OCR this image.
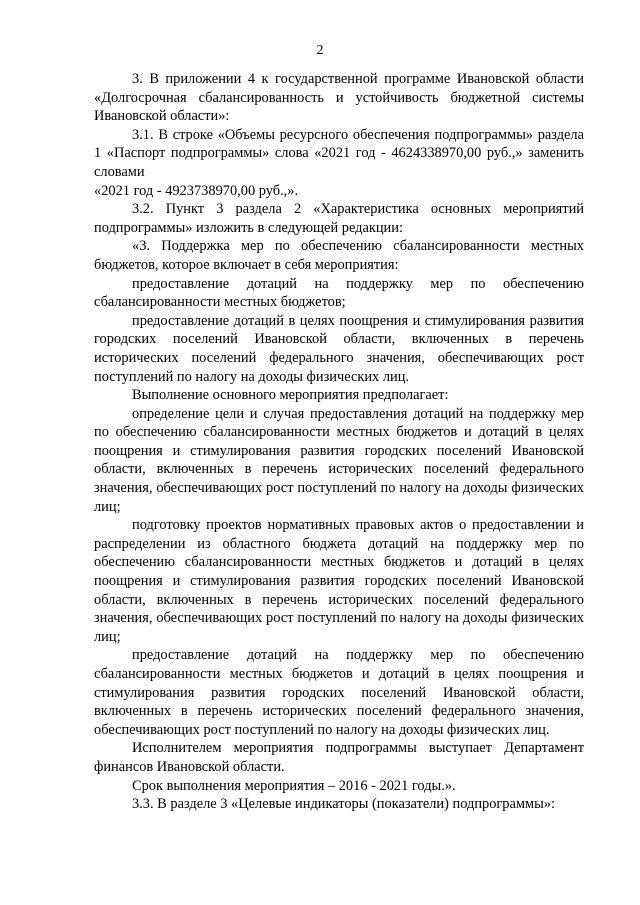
2

3. В приложении 4 к государственной программе Ивановской области «Долгосрочная сбалансированность и устойчивость бюджетной системы Ивановской области»:

3.1. В строке «Объемы ресурсного обеспечения подпрограммы» раздела 1 «Паспорт подпрограммы» слова «2021 год - 4624338970,00 руб.,» заменить словами

«2021 год - 4923738970,00 руб.,».

3.2. Пункт 3 раздела 2 «Характеристика основных мероприятий подпрограммы» изложить в следующей редакции:

«3. Поддержка мер по обеспечению сбалансированности местных бюджетов, которое включает в себя мероприятия:

предоставление дотаций на поддержку мер по обеспечению сбалансированности местных бюджетов;

предоставление дотаций в целях поощрения и стимулирования развития городских поселений Ивановской области, включенных в перечень исторических поселений федерального значения, обеспечивающих рост поступлений по налогу на доходы физических лиц.

Выполнение основного мероприятия предполагает:

определение цели и случая предоставления дотаций на поддержку мер по обеспечению сбалансированности местных бюджетов и дотаций в целях поощрения и стимулирования развития городских поселений Ивановской области, включенных в перечень исторических поселений федерального значения, обеспечивающих рост поступлений по налогу на доходы физических лиц;

подготовку проектов нормативных правовых актов о предоставлении и распределении из областного бюджета дотаций на поддержку мер по обеспечению сбалансированности местных бюджетов и дотаций в целях поощрения и стимулирования развития городских поселений Ивановской области, включенных в перечень исторических поселений федерального значения, обеспечивающих рост поступлений по налогу на доходы физических лиц;

предоставление дотаций на поддержку мер по обеспечению сбалансированности местных бюджетов и дотаций в целях поощрения и стимулирования развития городских поселений Ивановской области, включенных в перечень исторических поселений федерального значения, обеспечивающих рост поступлений по налогу на доходы физических лиц.

Исполнителем мероприятия подпрограммы выступает Департамент финансов Ивановской области.

Срок выполнения мероприятия – 2016 - 2021 годы.».

3.3. В разделе 3 «Целевые индикаторы (показатели) подпрограммы»:
